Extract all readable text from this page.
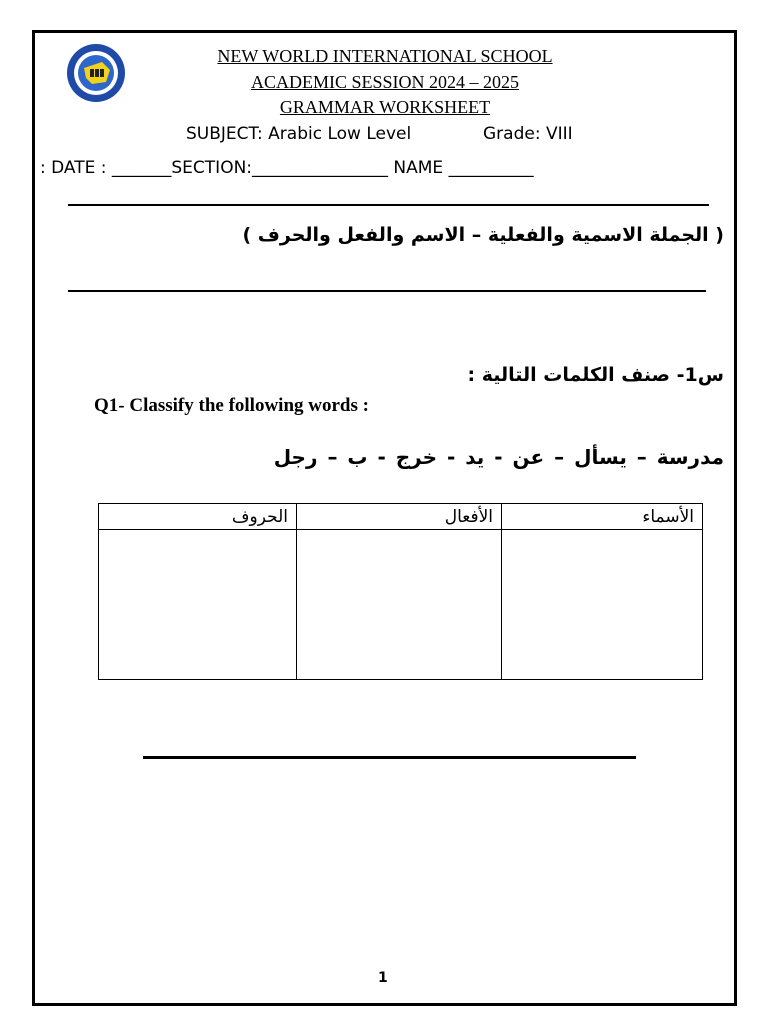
NEW WORLD INTERNATIONAL SCHOOL
ACADEMIC SESSION 2024 – 2025
GRAMMAR WORKSHEET
SUBJECT: Arabic Low Level	Grade: VIII
: DATE : _______SECTION:________________ NAME __________
( الجملة الاسمية والفعلية – الاسم والفعل والحرف )
س1- صنف الكلمات التالية :
Q1- Classify the following words :
مدرسة – يسأل – عن - يد - خرج - ب – رجل
الحروف	الأفعال	الأسماء

1
